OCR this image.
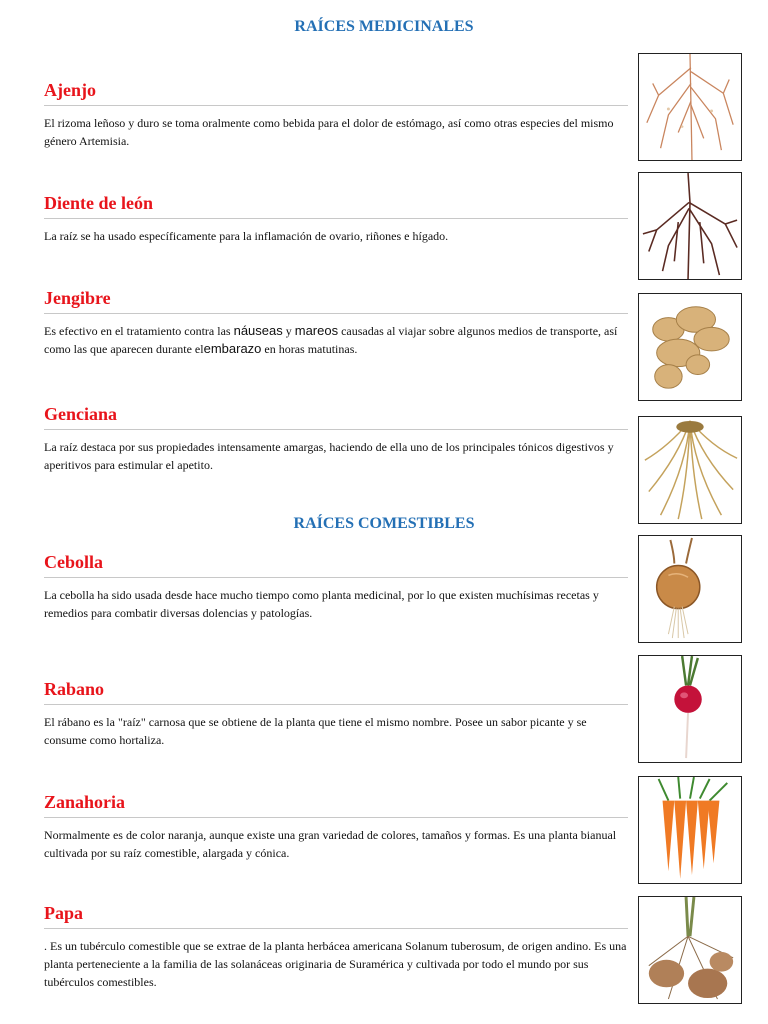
RAÍCES MEDICINALES
Ajenjo

El rizoma leñoso y duro se toma oralmente como bebida para el dolor de estómago, así como otras especies del mismo género Artemisia.

Diente de león

La raíz se ha usado específicamente para la inflamación de ovario, riñones e hígado.

Jengibre

Es efectivo en el tratamiento contra las náuseas y mareos causadas al viajar sobre algunos medios de transporte, así como las que aparecen durante elembarazo en horas matutinas.

Genciana

La raíz destaca por sus propiedades intensamente amargas, haciendo de ella uno de los principales tónicos digestivos y aperitivos para estimular el apetito.

RAÍCES COMESTIBLES
Cebolla

La cebolla ha sido usada desde hace mucho tiempo como planta medicinal, por lo que existen muchísimas recetas y remedios para combatir diversas dolencias y patologías.

Rabano

El rábano es la "raíz" carnosa que se obtiene de la planta que tiene el mismo nombre. Posee un sabor picante y se consume como hortaliza.

Zanahoria

Normalmente es de color naranja, aunque existe una gran variedad de colores, tamaños y formas. Es una planta bianual cultivada por su raíz comestible, alargada y cónica.

Papa

. Es un tubérculo comestible que se extrae de la planta herbácea americana Solanum tuberosum, de origen andino. Es una planta perteneciente a la familia de las solanáceas originaria de Suramérica y cultivada por todo el mundo por sus tubérculos comestibles.
